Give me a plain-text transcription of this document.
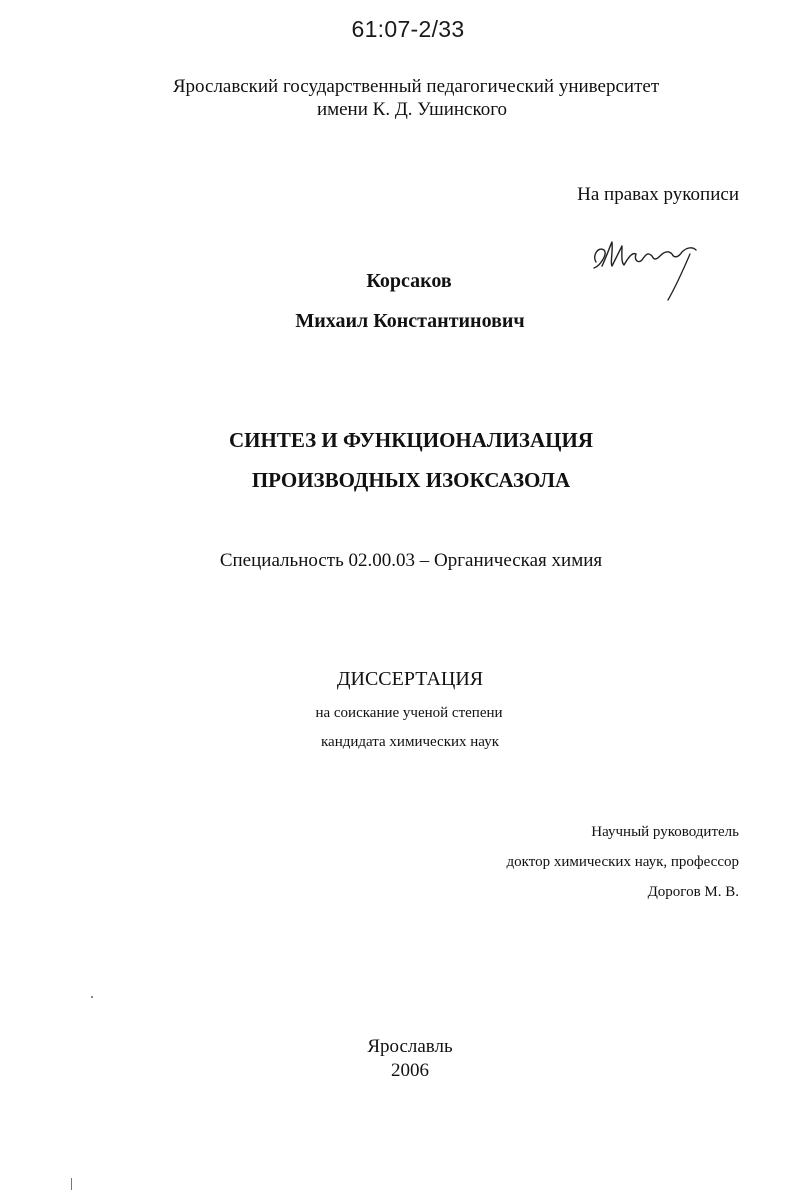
61:07-2/33
Ярославский государственный педагогический университет
имени К. Д. Ушинского
На правах рукописи
Корсаков
Михаил Константинович
СИНТЕЗ И ФУНКЦИОНАЛИЗАЦИЯ
ПРОИЗВОДНЫХ ИЗОКСАЗОЛА
Специальность 02.00.03 – Органическая химия
ДИССЕРТАЦИЯ
на соискание ученой степени
кандидата химических наук
Научный руководитель
доктор химических наук, профессор
Дорогов М. В.
Ярославль
2006
